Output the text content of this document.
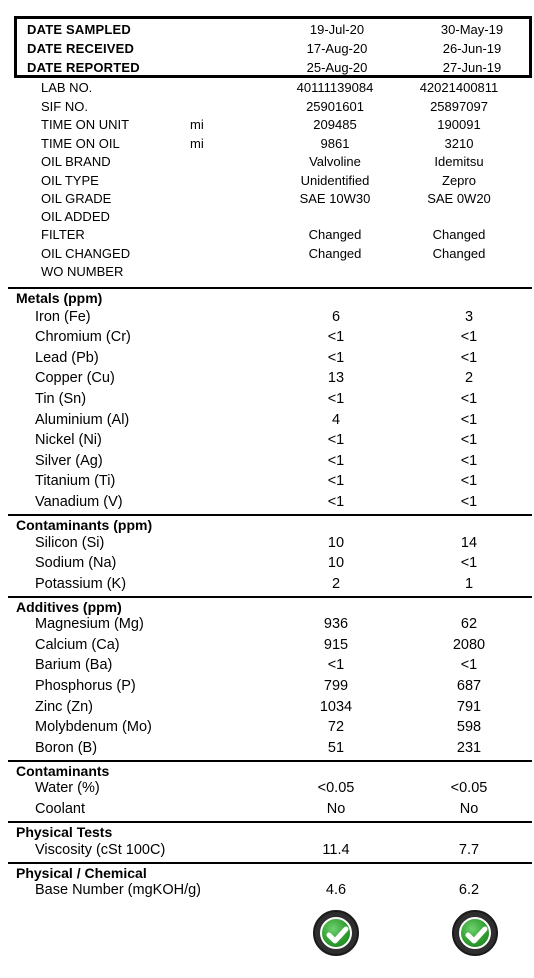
DATE SAMPLED	19-Jul-20	30-May-19
DATE RECEIVED	17-Aug-20	26-Jun-19
DATE REPORTED	25-Aug-20	27-Jun-19
LAB NO.	40111139084	42021400811
SIF NO.	25901601	25897097
TIME ON UNIT	mi	209485	190091
TIME ON OIL	mi	9861	3210
OIL BRAND	Valvoline	Idemitsu
OIL TYPE	Unidentified	Zepro
OIL GRADE	SAE 10W30	SAE 0W20
OIL ADDED
FILTER	Changed	Changed
OIL CHANGED	Changed	Changed
WO NUMBER
Metals (ppm)
Iron (Fe)	6	3
Chromium (Cr)	<1	<1
Lead (Pb)	<1	<1
Copper (Cu)	13	2
Tin (Sn)	<1	<1
Aluminium (Al)	4	<1
Nickel (Ni)	<1	<1
Silver (Ag)	<1	<1
Titanium (Ti)	<1	<1
Vanadium (V)	<1	<1
Contaminants (ppm)
Silicon (Si)	10	14
Sodium (Na)	10	<1
Potassium (K)	2	1
Additives (ppm)
Magnesium (Mg)	936	62
Calcium (Ca)	915	2080
Barium (Ba)	<1	<1
Phosphorus (P)	799	687
Zinc (Zn)	1034	791
Molybdenum (Mo)	72	598
Boron (B)	51	231
Contaminants
Water (%)	<0.05	<0.05
Coolant	No	No
Physical Tests
Viscosity (cSt 100C)	11.4	7.7
Physical / Chemical
Base Number (mgKOH/g)	4.6	6.2
